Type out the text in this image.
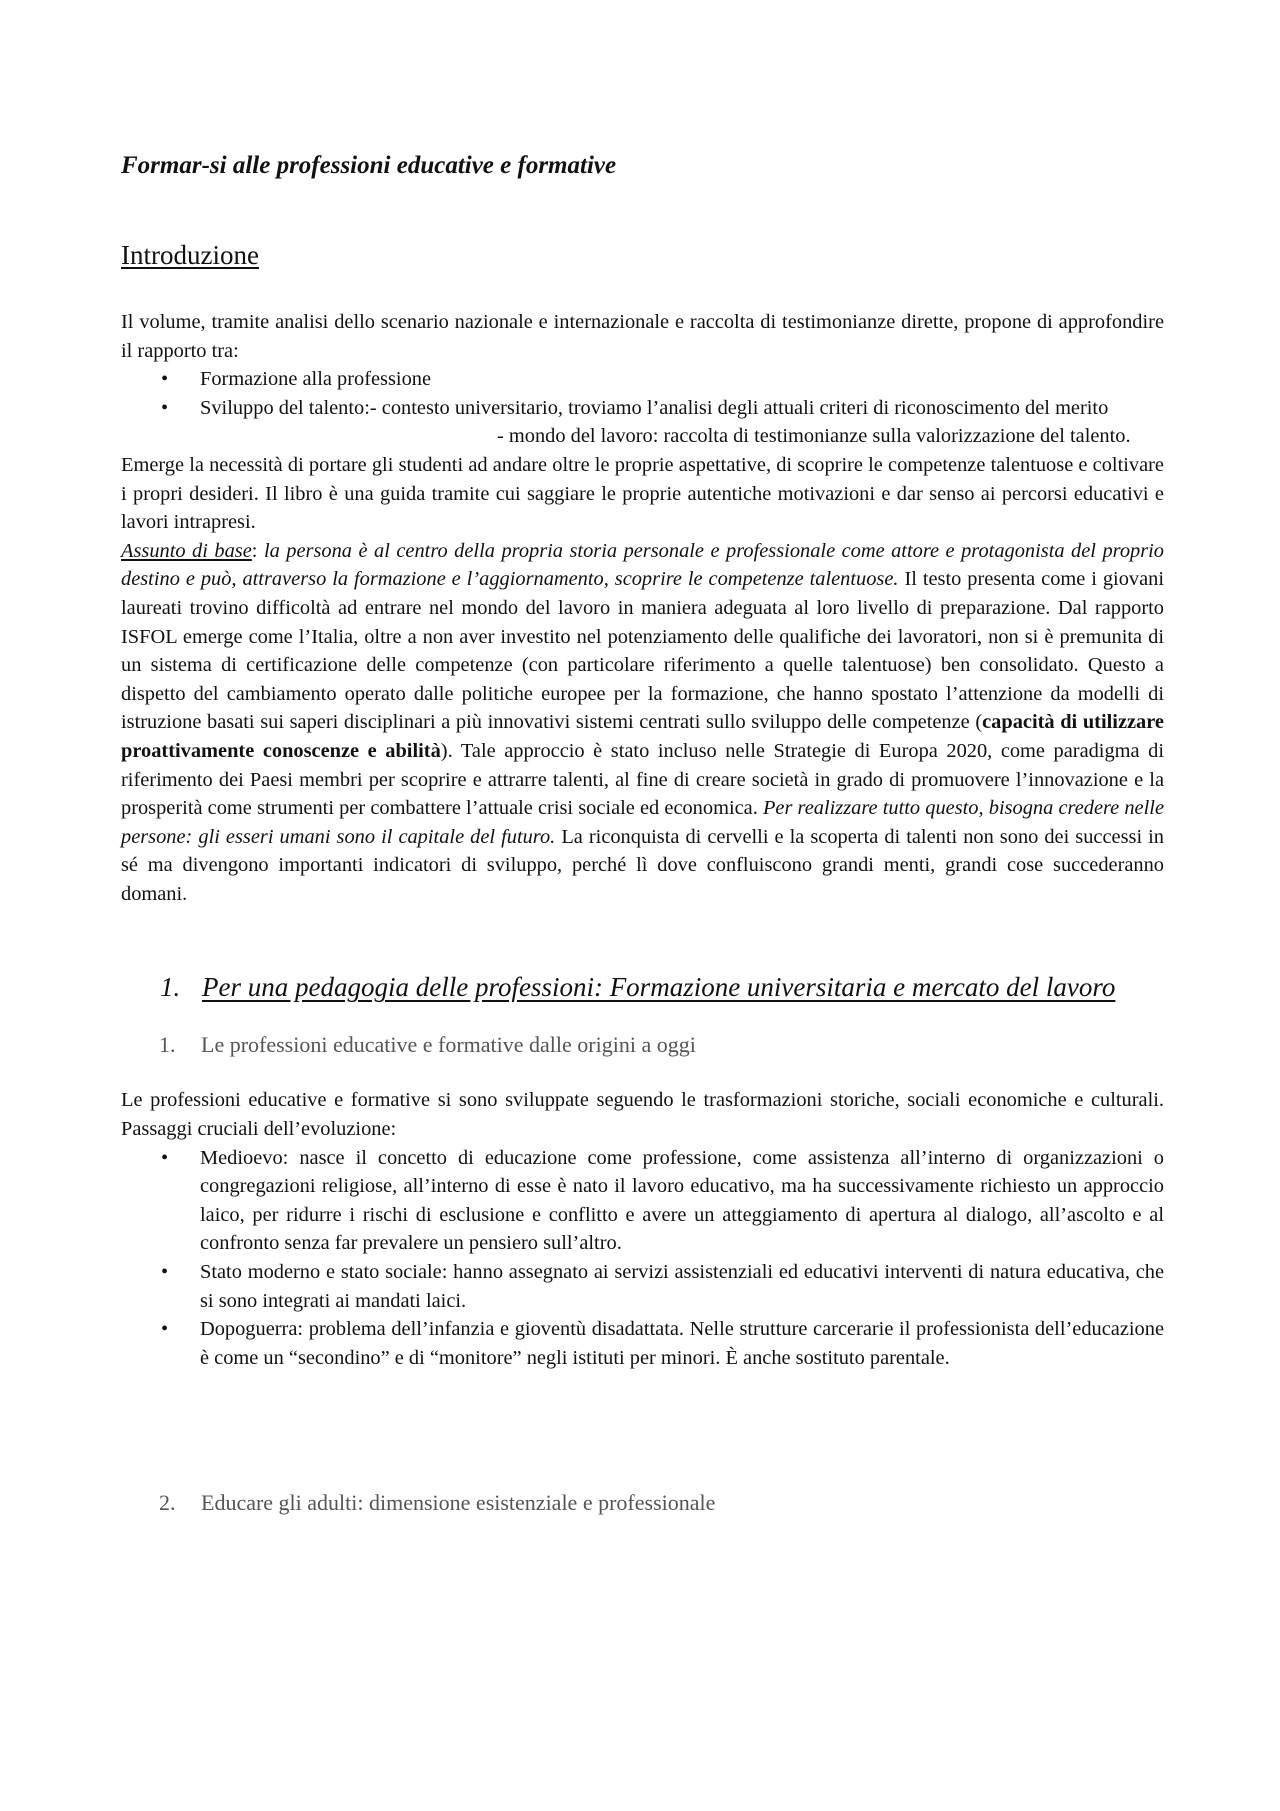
Formar-si alle professioni educative e formative
Introduzione

Il volume, tramite analisi dello scenario nazionale e internazionale e raccolta di testimonianze dirette, propone di approfondire il rapporto tra:

• Formazione alla professione
• Sviluppo del talento: - contesto universitario, troviamo l’analisi degli attuali criteri di riconoscimento del merito
- mondo del lavoro: raccolta di testimonianze sulla valorizzazione del talento.

Emerge la necessità di portare gli studenti ad andare oltre le proprie aspettative, di scoprire le competenze talentuose e coltivare i propri desideri. Il libro è una guida tramite cui saggiare le proprie autentiche motivazioni e dar senso ai percorsi educativi e lavori intrapresi.

Assunto di base: la persona è al centro della propria storia personale e professionale come attore e protagonista del proprio destino e può, attraverso la formazione e l’aggiornamento, scoprire le competenze talentuose. Il testo presenta come i giovani laureati trovino difficoltà ad entrare nel mondo del lavoro in maniera adeguata al loro livello di preparazione. Dal rapporto ISFOL emerge come l’Italia, oltre a non aver investito nel potenziamento delle qualifiche dei lavoratori, non si è premunita di un sistema di certificazione delle competenze (con particolare riferimento a quelle talentuose) ben consolidato. Questo a dispetto del cambiamento operato dalle politiche europee per la formazione, che hanno spostato l’attenzione da modelli di istruzione basati sui saperi disciplinari a più innovativi sistemi centrati sullo sviluppo delle competenze (capacità di utilizzare proattivamente conoscenze e abilità). Tale approccio è stato incluso nelle Strategie di Europa 2020, come paradigma di riferimento dei Paesi membri per scoprire e attrarre talenti, al fine di creare società in grado di promuovere l’innovazione e la prosperità come strumenti per combattere l’attuale crisi sociale ed economica. Per realizzare tutto questo, bisogna credere nelle persone: gli esseri umani sono il capitale del futuro. La riconquista di cervelli e la scoperta di talenti non sono dei successi in sé ma divengono importanti indicatori di sviluppo, perché lì dove confluiscono grandi menti, grandi cose succederanno domani.

1. Per una pedagogia delle professioni: Formazione universitaria e mercato del lavoro
1. Le professioni educative e formative dalle origini a oggi

Le professioni educative e formative si sono sviluppate seguendo le trasformazioni storiche, sociali economiche e culturali. Passaggi cruciali dell’evoluzione:

• Medioevo: nasce il concetto di educazione come professione, come assistenza all’interno di organizzazioni o congregazioni religiose, all’interno di esse è nato il lavoro educativo, ma ha successivamente richiesto un approccio laico, per ridurre i rischi di esclusione e conflitto e avere un atteggiamento di apertura al dialogo, all’ascolto e al confronto senza far prevalere un pensiero sull’altro.
• Stato moderno e stato sociale: hanno assegnato ai servizi assistenziali ed educativi interventi di natura educativa, che si sono integrati ai mandati laici.
• Dopoguerra: problema dell’infanzia e gioventù disadattata. Nelle strutture carcerarie il professionista dell’educazione è come un “secondino” e di “monitore” negli istituti per minori. È anche sostituto parentale.
2. Educare gli adulti: dimensione esistenziale e professionale
